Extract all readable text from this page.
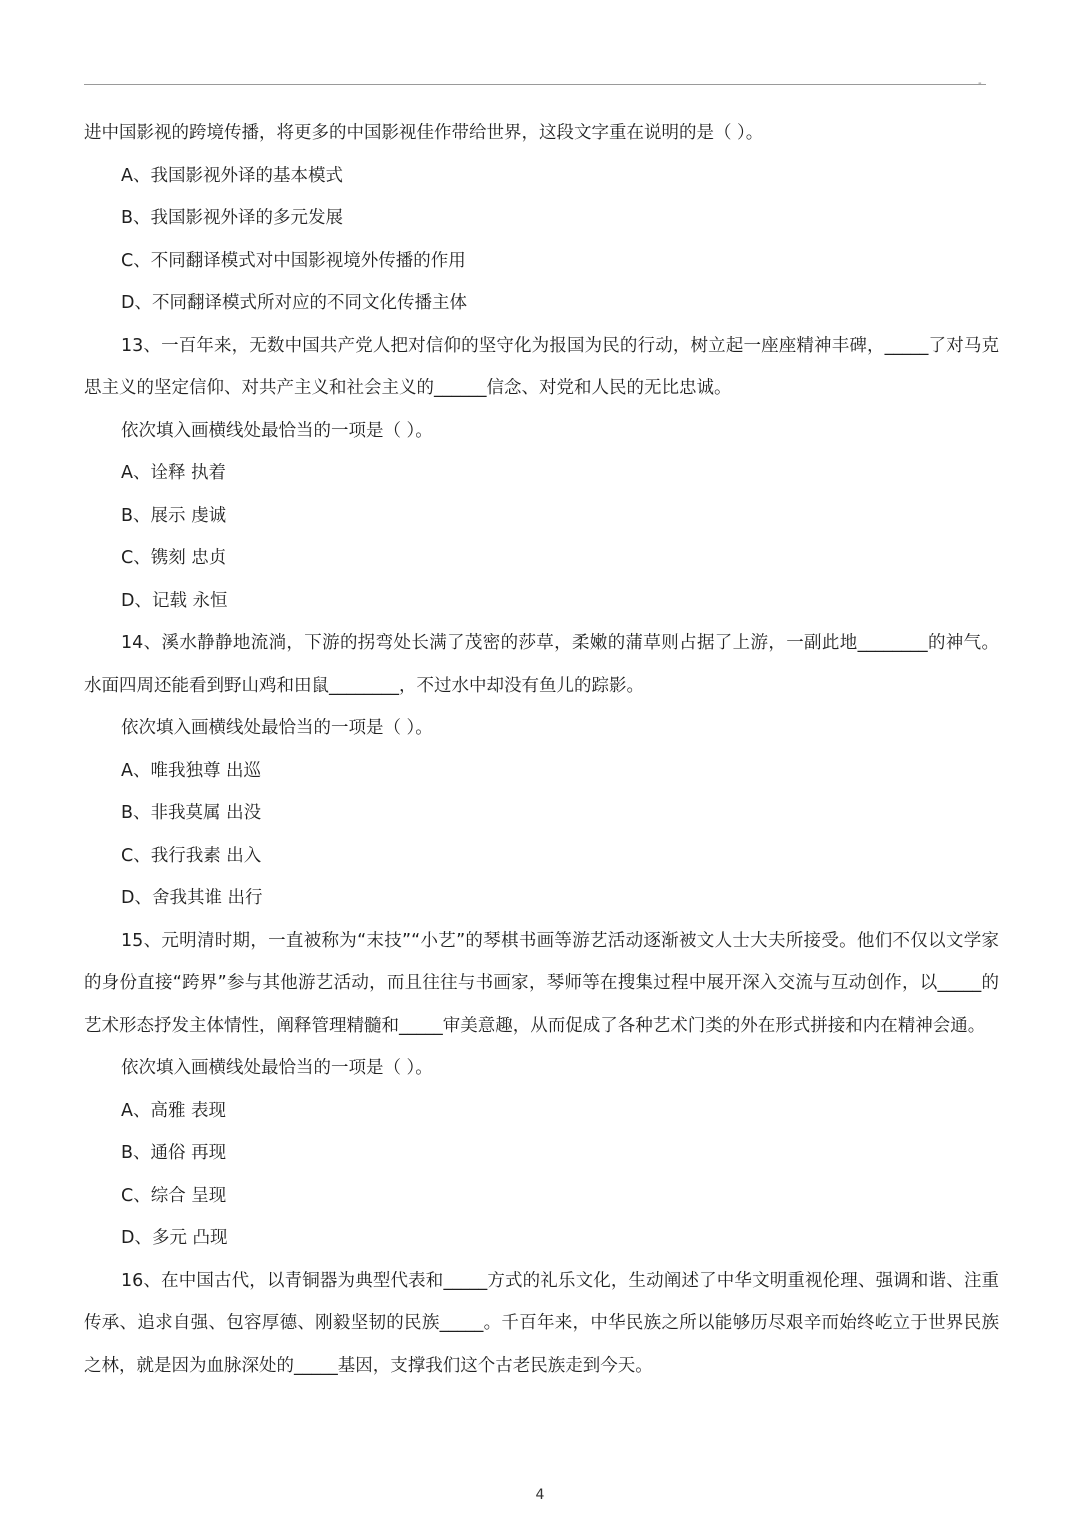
-

进中国影视的跨境传播，将更多的中国影视佳作带给世界，这段文字重在说明的是（ ）。

A、我国影视外译的基本模式

B、我国影视外译的多元发展

C、不同翻译模式对中国影视境外传播的作用

D、不同翻译模式所对应的不同文化传播主体

13、一百年来，无数中国共产党人把对信仰的坚守化为报国为民的行动，树立起一座座精神丰碑，_____了对马克思主义的坚定信仰、对共产主义和社会主义的______信念、对党和人民的无比忠诚。

依次填入画横线处最恰当的一项是（ ）。

A、诠释 执着

B、展示 虔诚

C、镌刻 忠贞

D、记载 永恒

14、溪水静静地流淌，下游的拐弯处长满了茂密的莎草，柔嫩的蒲草则占据了上游，一副此地________的神气。水面四周还能看到野山鸡和田鼠________，不过水中却没有鱼儿的踪影。

依次填入画横线处最恰当的一项是（ ）。

A、唯我独尊 出巡

B、非我莫属 出没

C、我行我素 出入

D、舍我其谁 出行

15、元明清时期，一直被称为“末技”“小艺”的琴棋书画等游艺活动逐渐被文人士大夫所接受。他们不仅以文学家的身份直接“跨界”参与其他游艺活动，而且往往与书画家，琴师等在搜集过程中展开深入交流与互动创作，以_____的艺术形态抒发主体情性，阐释管理精髓和_____审美意趣，从而促成了各种艺术门类的外在形式拼接和内在精神会通。

依次填入画横线处最恰当的一项是（ ）。

A、高雅 表现

B、通俗 再现

C、综合 呈现

D、多元 凸现

16、在中国古代，以青铜器为典型代表和_____方式的礼乐文化，生动阐述了中华文明重视伦理、强调和谐、注重传承、追求自强、包容厚德、刚毅坚韧的民族_____。千百年来，中华民族之所以能够历尽艰辛而始终屹立于世界民族之林，就是因为血脉深处的_____基因，支撑我们这个古老民族走到今天。

4
